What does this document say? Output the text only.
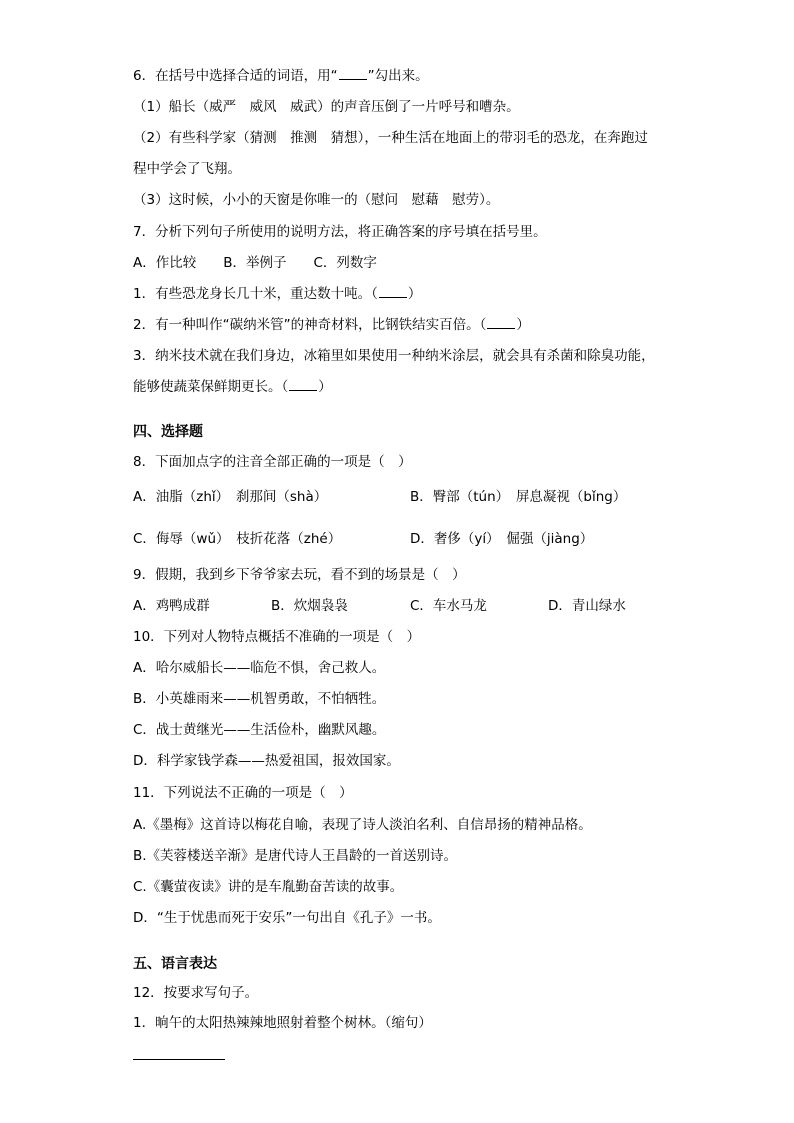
6．在括号中选择合适的词语，用“ ”勾出来。
（1）船长（威严　威风　威武）的声音压倒了一片呼号和嘈杂。
（2）有些科学家（猜测　推测　猜想），一种生活在地面上的带羽毛的恐龙，在奔跑过
程中学会了飞翔。
（3）这时候，小小的天窗是你唯一的（慰问　慰藉　慰劳）。
7．分析下列句子所使用的说明方法，将正确答案的序号填在括号里。
A．作比较　　B．举例子　　C．列数字
1．有些恐龙身长几十米，重达数十吨。（ ）
2．有一种叫作“碳纳米管”的神奇材料，比钢铁结实百倍。（ ）
3．纳米技术就在我们身边，冰箱里如果使用一种纳米涂层，就会具有杀菌和除臭功能，
能够使蔬菜保鲜期更长。（ ）
四、选择题
8．下面加点字的注音全部正确的一项是（　）
A．油脂（zhǐ）　刹那间（shà）	B．臀部（tún）　屏息凝视（bǐng）
C．侮辱（wǔ）　枝折花落（zhé）	D．奢侈（yí）　倔强（jiàng）
9．假期，我到乡下爷爷家去玩，看不到的场景是（　）
A．鸡鸭成群	B．炊烟袅袅	C．车水马龙	D．青山绿水
10．下列对人物特点概括不准确的一项是（　）
A．哈尔威船长——临危不惧，舍己救人。
B．小英雄雨来——机智勇敢，不怕牺牲。
C．战士黄继光——生活俭朴，幽默风趣。
D．科学家钱学森——热爱祖国，报效国家。
11．下列说法不正确的一项是（　）
A.《墨梅》这首诗以梅花自喻，表现了诗人淡泊名利、自信昂扬的精神品格。
B.《芙蓉楼送辛渐》是唐代诗人王昌龄的一首送别诗。
C.《囊萤夜读》讲的是车胤勤奋苦读的故事。
D．“生于忧患而死于安乐”一句出自《孔子》一书。
五、语言表达
12．按要求写句子。
1．晌午的太阳热辣辣地照射着整个树林。（缩句）
